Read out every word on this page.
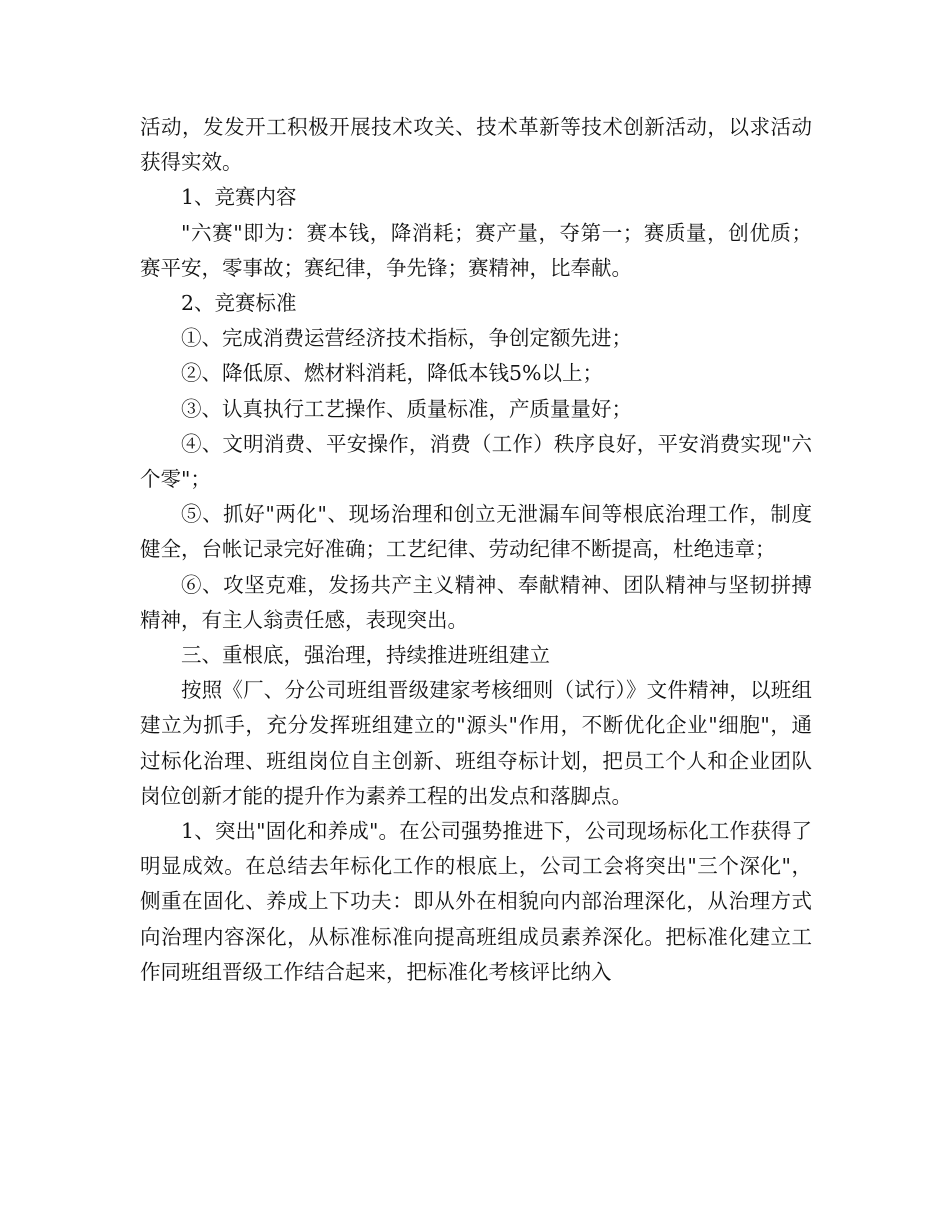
活动，发发开工积极开展技术攻关、技术革新等技术创新活动，以求活动获得实效。

1、竞赛内容

"六赛"即为：赛本钱，降消耗；赛产量，夺第一；赛质量，创优质；赛平安，零事故；赛纪律，争先锋；赛精神，比奉献。

2、竞赛标准

①、完成消费运营经济技术指标，争创定额先进；

②、降低原、燃材料消耗，降低本钱5%以上；

③、认真执行工艺操作、质量标准，产质量量好；

④、文明消费、平安操作，消费（工作）秩序良好，平安消费实现"六个零"；

⑤、抓好"两化"、现场治理和创立无泄漏车间等根底治理工作，制度健全，台帐记录完好准确；工艺纪律、劳动纪律不断提高，杜绝违章；

⑥、攻坚克难，发扬共产主义精神、奉献精神、团队精神与坚韧拼搏精神，有主人翁责任感，表现突出。

三、重根底，强治理，持续推进班组建立

按照《厂、分公司班组晋级建家考核细则（试行）》文件精神，以班组建立为抓手，充分发挥班组建立的"源头"作用，不断优化企业"细胞"，通过标化治理、班组岗位自主创新、班组夺标计划，把员工个人和企业团队岗位创新才能的提升作为素养工程的出发点和落脚点。

1、突出"固化和养成"。在公司强势推进下，公司现场标化工作获得了明显成效。在总结去年标化工作的根底上，公司工会将突出"三个深化"，侧重在固化、养成上下功夫：即从外在相貌向内部治理深化，从治理方式向治理内容深化，从标准标准向提高班组成员素养深化。把标准化建立工作同班组晋级工作结合起来，把标准化考核评比纳入
